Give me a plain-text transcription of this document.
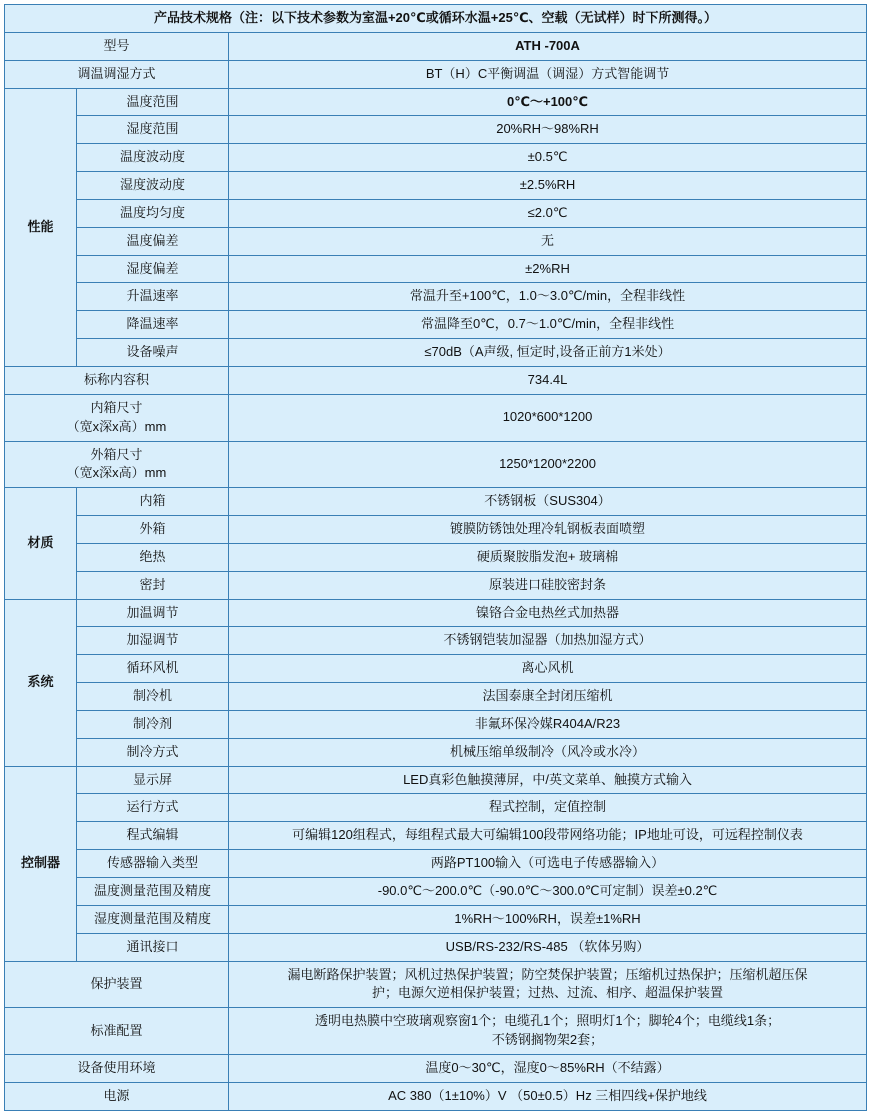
产品技术规格（注：以下技术参数为室温+20℃或循环水温+25℃、空载（无试样）时下所测得。）		
型号		ATH -700A
调温调湿方式		BT（H）C平衡调温（调湿）方式智能调节
性能	温度范围	0℃～+100℃
	湿度范围	20%RH～98%RH
	温度波动度	±0.5℃
	湿度波动度	±2.5%RH
	温度均匀度	≤2.0℃
	温度偏差	无
	湿度偏差	±2%RH
	升温速率	常温升至+100℃，1.0～3.0℃/min，全程非线性
	降温速率	常温降至0℃，0.7～1.0℃/min，全程非线性
	设备噪声	≤70dB（A声级, 恒定时,设备正前方1米处）
标称内容积		734.4L

内箱尺寸
（宽x深x高）mm		1020*600*1200

外箱尺寸
（宽x深x高）mm		1250*1200*2200
材质	内箱	不锈钢板（SUS304）
	外箱	镀膜防锈蚀处理冷轧钢板表面喷塑
	绝热	硬质聚胺脂发泡+ 玻璃棉
	密封	原装进口硅胶密封条
系统	加温调节	镍铬合金电热丝式加热器
	加湿调节	不锈钢铠装加湿器（加热加湿方式）
	循环风机	离心风机
	制冷机	法国泰康全封闭压缩机
	制冷剂	非氟环保冷媒R404A/R23
	制冷方式	机械压缩单级制冷（风冷或水冷）
控制器	显示屏	LED真彩色触摸薄屏，中/英文菜单、触摸方式输入
	运行方式	程式控制，定值控制
	程式编辑	可编辑120组程式，每组程式最大可编辑100段带网络功能；IP地址可设，可远程控制仪表
	传感器输入类型	两路PT100输入（可选电子传感器输入）
	温度测量范围及精度	-90.0℃～200.0℃（-90.0℃～300.0℃可定制）误差±0.2℃
	湿度测量范围及精度	1%RH～100%RH，误差±1%RH
	通讯接口	USB/RS-232/RS-485 （软体另购）
保护装置		漏电断路保护装置；风机过热保护装置；防空焚保护装置；压缩机过热保护；压缩机超压保
护；电源欠逆相保护装置；过热、过流、相序、超温保护装置

标准配置		透明电热膜中空玻璃观察窗1个；电缆孔1个；照明灯1个；脚轮4个；电缆线1条；
不锈钢搁物架2套；

设备使用环境		温度0～30℃，湿度0～85%RH（不结露）
电源		AC 380（1±10%）V （50±0.5）Hz 三相四线+保护地线
